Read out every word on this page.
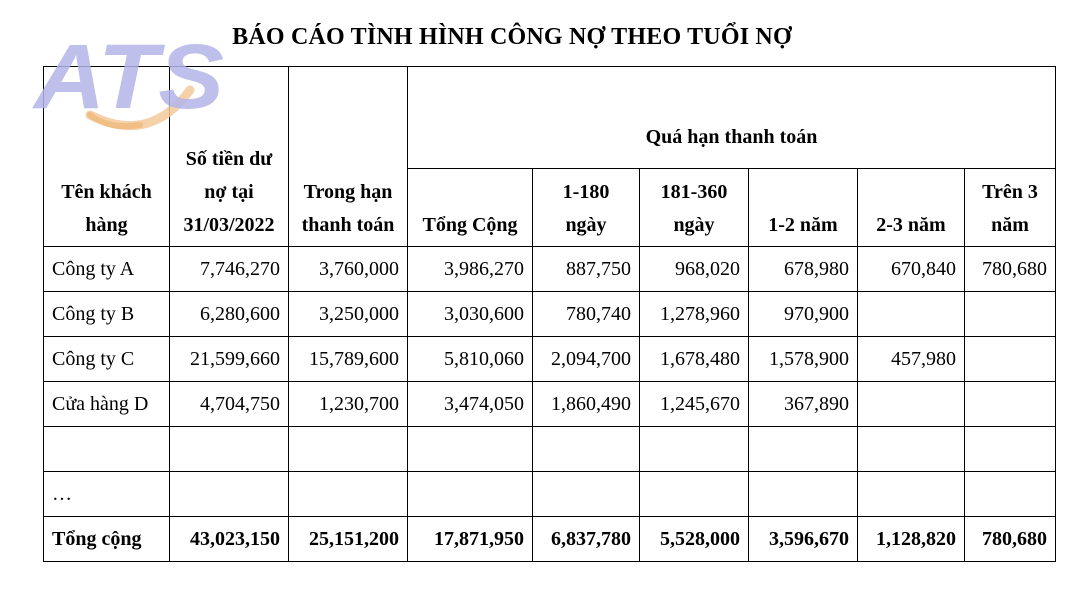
BÁO CÁO TÌNH HÌNH CÔNG NỢ THEO TUỔI NỢ
ATS
Tên khách hàng	Số tiền dư nợ tại 31/03/2022	Trong hạn thanh toán	Quá hạn thanh toán					
			Tổng Cộng	1-180 ngày	181-360 ngày	1-2 năm	2-3 năm	Trên 3 năm
Công ty A	7,746,270	3,760,000	3,986,270	887,750	968,020	678,980	670,840	780,680
Công ty B	6,280,600	3,250,000	3,030,600	780,740	1,278,960	970,900		
Công ty C	21,599,660	15,789,600	5,810,060	2,094,700	1,678,480	1,578,900	457,980	
Cửa hàng D	4,704,750	1,230,700	3,474,050	1,860,490	1,245,670	367,890		

…								
Tổng cộng	43,023,150	25,151,200	17,871,950	6,837,780	5,528,000	3,596,670	1,128,820	780,680
